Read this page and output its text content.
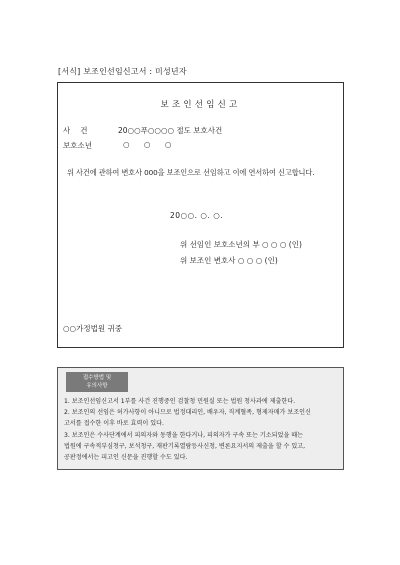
[서식] 보조인선임신고서 : 미성년자
보조인선임신고
사건	20○○푸○○○○ 절도 보호사건
보호소년	○ ○ ○
위 사건에 관하여 변호사 000을 보조인으로 선임하고 이에 연서하여 신고합니다.
20○○. ○. ○.
위 선임인 보호소년의 부 ○ ○ ○ (인)
위 보조인 변호사 ○ ○ ○ (인)
○○가정법원 귀중
접수방법 및
유의사항
1. 보조인선임신고서 1부를 사건 진행중인 검찰청 민원실 또는 법원 청사과에 제출한다.
2. 보조인의 선임은 허가사항이 아니므로 법정대리인, 배우자, 직계혈족, 형제자매가 보조인신
고서를 접수한 이후 바로 효력이 있다.
3. 보조인은 수사단계에서 피의자와 동행을 한다거나, 피의자가 구속 또는 기소되었을 때는
법원에 구속적부심청구, 보석청구, 재판기록열람등사신청, 변론요지서의 제출을 할 수 있고,
공판정에서는 피고인 신문을 진행할 수도 있다.
